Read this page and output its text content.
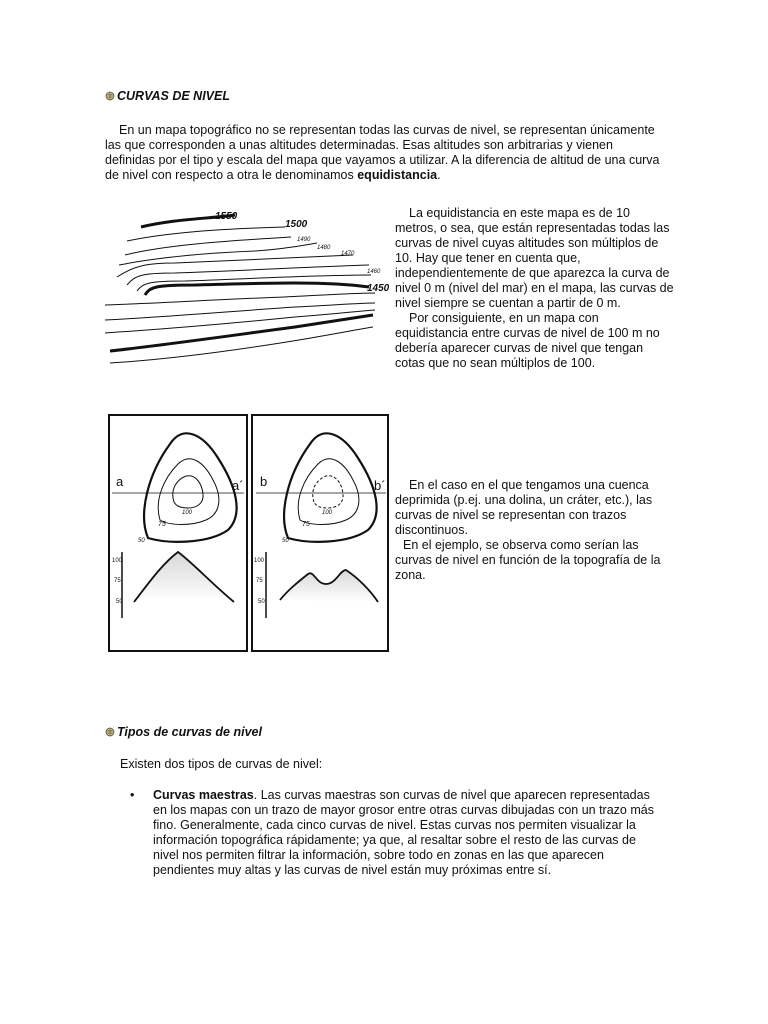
CURVAS DE NIVEL

En un mapa topográfico no se representan todas las curvas de nivel, se representan únicamente las que corresponden a unas altitudes determinadas. Esas altitudes son arbitrarias y vienen definidas por el tipo y escala del mapa que vayamos a utilizar. A la diferencia de altitud de una curva de nivel con respecto a otra le denominamos equidistancia.

1550
1500
1490
1480
1470
1460
1450

La equidistancia en este mapa es de 10 metros, o sea, que están representadas todas las curvas de nivel cuyas altitudes son múltiplos de 10. Hay que tener en cuenta que, independientemente de que aparezca la curva de nivel 0 m (nivel del mar) en el mapa, las curvas de nivel siempre se cuentan a partir de 0 m.

Por consiguiente, en un mapa con equidistancia entre curvas de nivel de 100 m no debería aparecer curvas de nivel que tengan cotas que no sean múltiplos de 100.

a	a´
100
75
50
100
75
50
b	b´
100
75
50
100
75
50

En el caso en el que tengamos una cuenca deprimida (p.ej. una dolina, un cráter, etc.), las curvas de nivel se representan con trazos discontinuos.

En el ejemplo, se observa como serían las curvas de nivel en función de la topografía de la zona.

Tipos de curvas de nivel
Existen dos tipos de curvas de nivel:
• Curvas maestras. Las curvas maestras son curvas de nivel que aparecen representadas en los mapas con un trazo de mayor grosor entre otras curvas dibujadas con un trazo más fino. Generalmente, cada cinco curvas de nivel. Estas curvas nos permiten visualizar la información topográfica rápidamente; ya que, al resaltar sobre el resto de las curvas de nivel nos permiten filtrar la información, sobre todo en zonas en las que aparecen pendientes muy altas y las curvas de nivel están muy próximas entre sí.
